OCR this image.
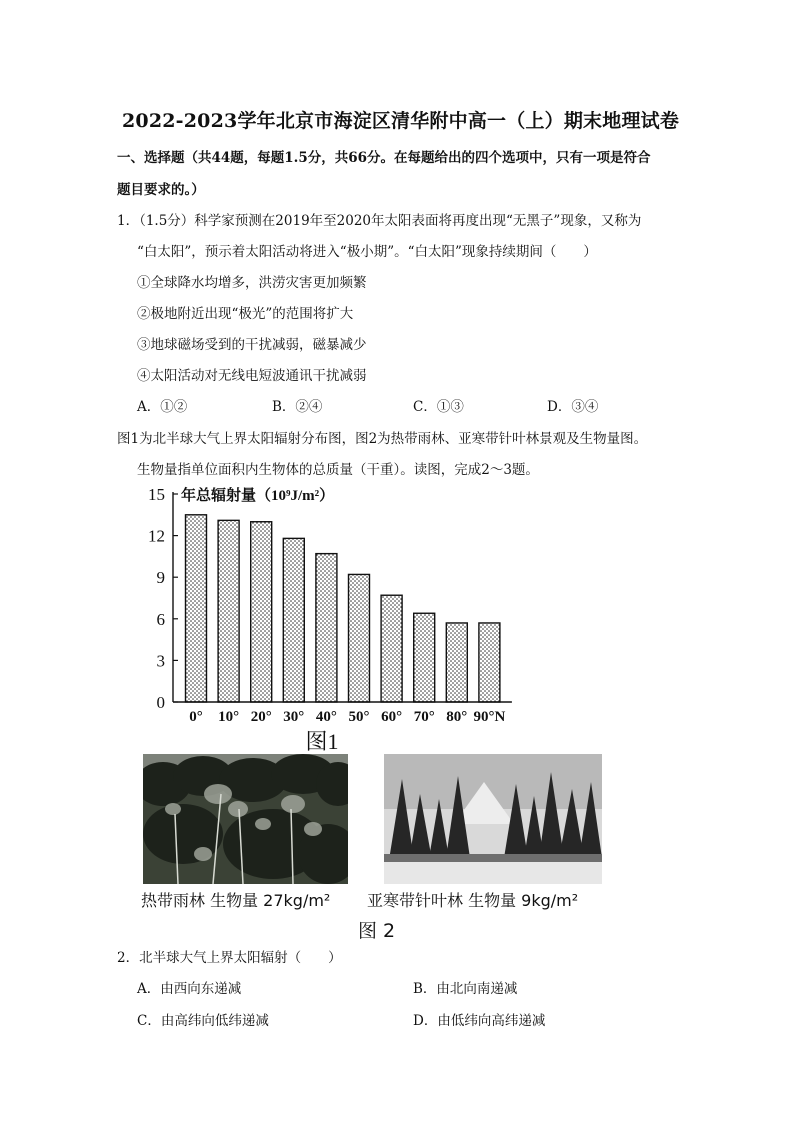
2022-2023学年北京市海淀区清华附中高一（上）期末地理试卷
一、选择题（共44题，每题1.5分，共66分。在每题给出的四个选项中，只有一项是符合
题目要求的。）
1．（1.5分）科学家预测在2019年至2020年太阳表面将再度出现“无黑子”现象，又称为
“白太阳”，预示着太阳活动将进入“极小期”。“白太阳”现象持续期间（　　）
①全球降水均增多，洪涝灾害更加频繁
②极地附近出现“极光”的范围将扩大
③地球磁场受到的干扰减弱，磁暴减少
④太阳活动对无线电短波通讯干扰减弱
A．①②	B．②④	C．①③	D．③④
图1为北半球大气上界太阳辐射分布图，图2为热带雨林、亚寒带针叶林景观及生物量图。
生物量指单位面积内生物体的总质量（干重）。读图，完成2～3题。
0
3
6
9
12
15
0° 10° 20° 30° 40° 50° 60° 70° 80° 90°N
年总辐射量（10⁹J/m²）
图1
热带雨林 生物量 27kg/m² 亚寒带针叶林 生物量 9kg/m²
图 2
2．北半球大气上界太阳辐射（　　）
A．由西向东递减	B．由北向南递减
C．由高纬向低纬递减	D．由低纬向高纬递减
